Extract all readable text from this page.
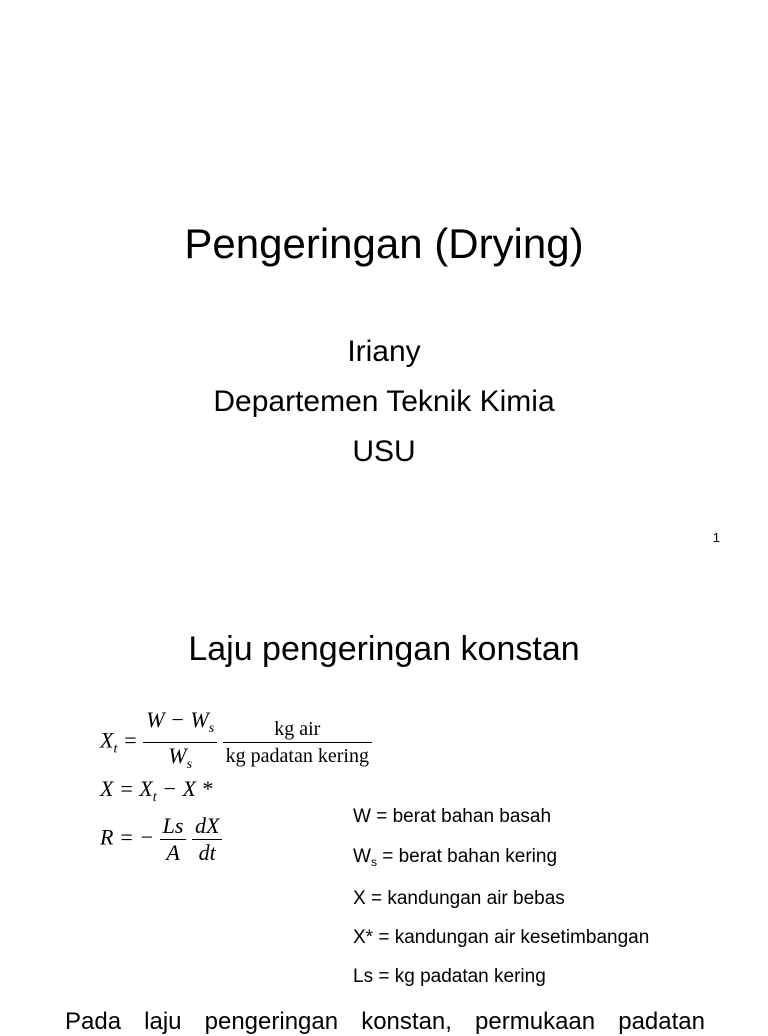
Pengeringan (Drying)
Iriany
Departemen Teknik Kimia
USU
1
Laju pengeringan konstan
$X_t = \frac{W - W_s}{W_s}$
$\frac{\text{kg air}}{\text{kg padatan kering}}$
$X = X_t - X$ *
R = − $\frac{Ls}{A}$
$\frac{dX}{dt}$	W = berat bahan basah
$W_s$ = berat bahan kering
X = kandungan air bebas
X* = kandungan air kesetimbangan
Ls = kg padatan kering
Pada laju pengeringan konstan, permukaan padatan
